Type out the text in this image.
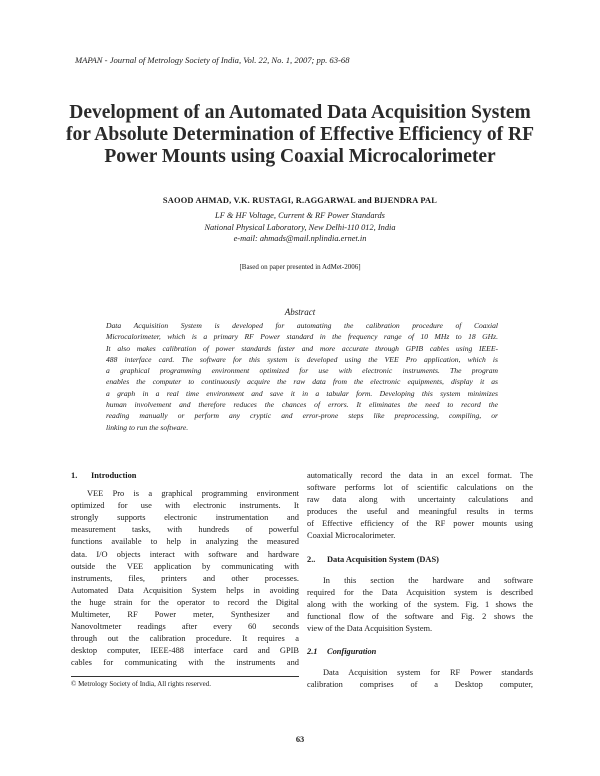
MAPAN - Journal of Metrology Society of India, Vol. 22, No. 1, 2007; pp. 63-68
Development of an Automated Data Acquisition System
for Absolute Determination of Effective Efficiency of RF
Power Mounts using Coaxial Microcalorimeter
SAOOD AHMAD, V.K. RUSTAGI, R.AGGARWAL and BIJENDRA PAL
LF & HF Voltage, Current & RF Power Standards
National Physical Laboratory, New Delhi-110 012, India
e-mail: ahmads@mail.nplindia.ernet.in
[Based on paper presented in AdMet-2006]
Abstract
Data Acquisition System is developed for automating the calibration procedure of Coaxial
Microcalorimeter, which is a primary RF Power standard in the frequency range of 10 MHz to 18 GHz.
It also makes calibration of power standards faster and more accurate through GPIB cables using IEEE-
488 interface card. The software for this system is developed using the VEE Pro application, which is
a graphical programming environment optimized for use with electronic instruments. The program
enables the computer to continuously acquire the raw data from the electronic equipments, display it as
a graph in a real time environment and save it in a tabular form. Developing this system minimizes
human involvement and therefore reduces the chances of errors. It eliminates the need to record the
reading manually or perform any cryptic and error-prone steps like preprocessing, compiling, or
linking to run the software.
1. Introduction
VEE Pro is a graphical programming environment
optimized for use with electronic instruments. It
strongly supports electronic instrumentation and
measurement tasks, with hundreds of powerful
functions available to help in analyzing the measured
data. I/O objects interact with software and hardware
outside the VEE application by communicating with
instruments, files, printers and other processes.
Automated Data Acquisition System helps in avoiding
the huge strain for the operator to record the Digital
Multimeter, RF Power meter, Synthesizer and
Nanovoltmeter readings after every 60 seconds
through out the calibration procedure. It requires a
desktop computer, IEEE-488 interface card and GPIB
cables for communicating with the instruments and
automatically record the data in an excel format. The
software performs lot of scientific calculations on the
raw data along with uncertainty calculations and
produces the useful and meaningful results in terms
of Effective efficiency of the RF power mounts using
Coaxial Microcalorimeter.
2.. Data Acquisition System (DAS)
In this section the hardware and software
required for the Data Acquisition system is described
along with the working of the system. Fig. 1 shows the
functional flow of the software and Fig. 2 shows the
view of the Data Acquisition System.
2.1 Configuration
Data Acquisition system for RF Power standards
calibration comprises of a Desktop computer,
© Metrology Society of India, All rights reserved.
63
